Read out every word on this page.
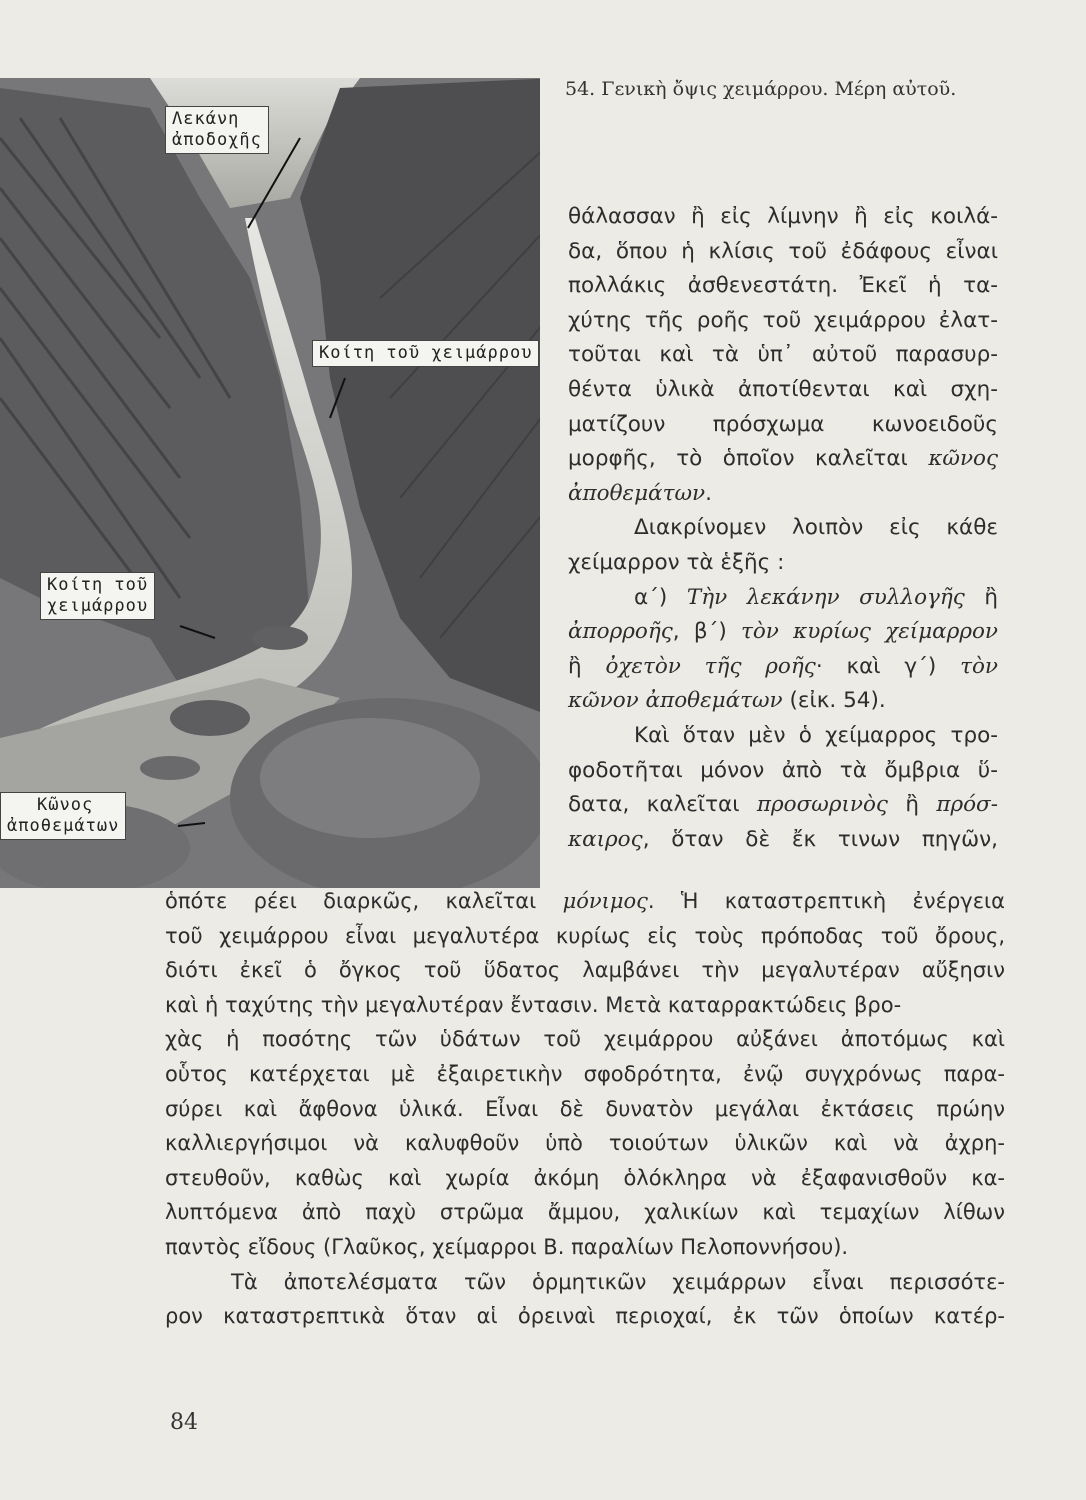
Λεκάνη
ἀποδοχῆς
Κοίτη τοῦ χειμάρρου
Κοίτη τοῦ
χειμάρρου
Κῶνος
ἀποθεμάτων
54. Γενικὴ ὄψις χειμάρρου. Μέρη αὐτοῦ.
θάλασσαν ἢ εἰς λίμνην ἢ εἰς κοιλά-
δα, ὅπου ἡ κλίσις τοῦ ἐδάφους εἶναι
πολλάκις ἀσθενεστάτη. Ἐκεῖ ἡ τα-
χύτης τῆς ροῆς τοῦ χειμάρρου ἐλατ-
τοῦται καὶ τὰ ὑπ᾽ αὐτοῦ παρασυρ-
θέντα ὑλικὰ ἀποτίθενται καὶ σχη-
ματίζουν πρόσχωμα κωνοειδοῦς
μορφῆς, τὸ ὁποῖον καλεῖται κῶνος
ἀποθεμάτων.
Διακρίνομεν λοιπὸν εἰς κάθε
χείμαρρον τὰ ἑξῆς :
α΄) Τὴν λεκάνην συλλογῆς ἢ
ἀπορροῆς, β΄) τὸν κυρίως χείμαρρον
ἢ ὀχετὸν τῆς ροῆς· καὶ γ΄) τὸν
κῶνον ἀποθεμάτων (εἰκ. 54).
Καὶ ὅταν μὲν ὁ χείμαρρος τρο-
φοδοτῆται μόνον ἀπὸ τὰ ὄμβρια ὕ-
δατα, καλεῖται προσωρινὸς ἢ πρόσ-
καιρος, ὅταν δὲ ἔκ τινων πηγῶν,
ὁπότε ρέει διαρκῶς, καλεῖται μόνιμος. Ἡ καταστρεπτικὴ ἐνέργεια
τοῦ χειμάρρου εἶναι μεγαλυτέρα κυρίως εἰς τοὺς πρόποδας τοῦ ὄρους,
διότι ἐκεῖ ὁ ὄγκος τοῦ ὕδατος λαμβάνει τὴν μεγαλυτέραν αὔξησιν
καὶ ἡ ταχύτης τὴν μεγαλυτέραν ἔντασιν. Μετὰ καταρρακτώδεις βρο-
χὰς ἡ ποσότης τῶν ὑδάτων τοῦ χειμάρρου αὐξάνει ἀποτόμως καὶ
οὗτος κατέρχεται μὲ ἐξαιρετικὴν σφοδρότητα, ἐνῷ συγχρόνως παρα-
σύρει καὶ ἄφθονα ὑλικά. Εἶναι δὲ δυνατὸν μεγάλαι ἐκτάσεις πρώην
καλλιεργήσιμοι νὰ καλυφθοῦν ὑπὸ τοιούτων ὑλικῶν καὶ νὰ ἀχρη-
στευθοῦν, καθὼς καὶ χωρία ἀκόμη ὁλόκληρα νὰ ἐξαφανισθοῦν κα-
λυπτόμενα ἀπὸ παχὺ στρῶμα ἄμμου, χαλικίων καὶ τεμαχίων λίθων
παντὸς εἴδους (Γλαῦκος, χείμαρροι Β. παραλίων Πελοποννήσου).
Τὰ ἀποτελέσματα τῶν ὁρμητικῶν χειμάρρων εἶναι περισσότε-
ρον καταστρεπτικὰ ὅταν αἱ ὀρειναὶ περιοχαί, ἐκ τῶν ὁποίων κατέρ-
84
